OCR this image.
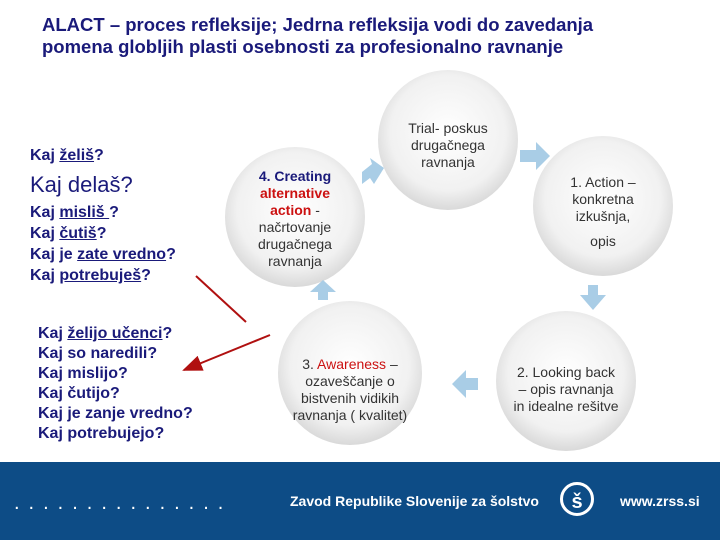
ALACT – proces refleksije; Jedrna refleksija vodi do zavedanja
pomena globljih plasti osebnosti za profesionalno ravnanje
Kaj želiš?
Kaj delaš?
Kaj misliš ?
Kaj čutiš?
Kaj je zate vredno?
Kaj potrebuješ?
Kaj želijo učenci?
Kaj so naredili?
Kaj mislijo?
Kaj čutijo?
Kaj je zanje vredno?
Kaj potrebujejo?
Trial- poskus
drugačnega
ravnanja
1. Action –
konkretna
izkušnja,
opis
2. Looking back
– opis ravnanja
in idealne rešitve
3. Awareness –
ozaveščanje o
bistvenih vidikih
ravnanja ( kvalitet)
4. Creating
alternative
action -
načrtovanje
drugačnega
ravnanja
...............	Zavod Republike Slovenije za šolstvo	š	www.zrss.si
